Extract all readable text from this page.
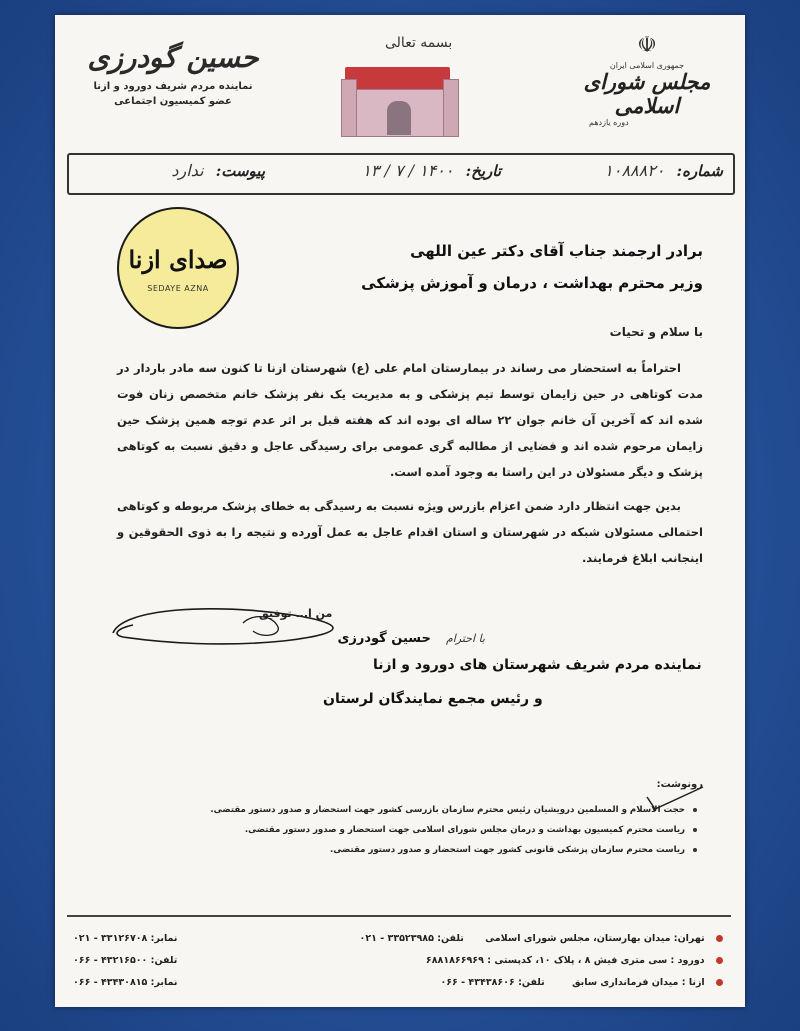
☫
جمهوری اسلامی ایران
مجلس شورای اسلامی
دوره یازدهم
بسمه تعالی
حسین گودرزی
نماینده مردم شریف دورود و ازنا
عضو کمیسیون اجتماعی
شماره: ۱۰۸۸۸۲۰
تاریخ: ۱۴۰۰ / ۷ / ۱۳
پیوست: ندارد
صدای ازنا
SEDAYE AZNA
برادر ارجمند جناب آقای دکتر عین اللهی
وزیر محترم بهداشت ، درمان و آموزش پزشکی
با سلام و تحیات

احتراماً به استحضار می رساند در بیمارستان امام علی (ع) شهرستان ازنا تا کنون سه مادر باردار در مدت کوتاهی در حین زایمان توسط تیم پزشکی و به مدیریت یک نفر پزشک خانم متخصص زنان فوت شده اند که آخرین آن خانم جوان ۲۲ ساله ای بوده اند که هفته قبل بر اثر عدم توجه همین پزشک حین زایمان مرحوم شده اند و فضایی از مطالبه گری عمومی برای رسیدگی عاجل و دقیق نسبت به کوتاهی پزشک و دیگر مسئولان در این راستا به وجود آمده است.

بدین جهت انتظار دارد ضمن اعزام بازرس ویژه نسبت به رسیدگی به خطای پزشک مربوطه و کوتاهی احتمالی مسئولان شبکه در شهرستان و استان اقدام عاجل به عمل آورده و نتیجه را به ذوی الحقوقین و اینجانب ابلاغ فرمایند.

من ا... توفیق
با احترام حسین گودرزی
نماینده مردم شریف شهرستان های دورود و ازنا
و رئیس مجمع نمایندگان لرستان
رونوشت:
حجت الاسلام و المسلمین درویشیان رئیس محترم سازمان بازرسی کشور جهت استحضار و صدور دستور مقتضی.
ریاست محترم کمیسیون بهداشت و درمان مجلس شورای اسلامی جهت استحضار و صدور دستور مقتضی.
ریاست محترم سازمان پزشکی قانونی کشور جهت استحضار و صدور دستور مقتضی.
تهران: میدان بهارستان، مجلس شورای اسلامی تلفن: ۳۳۵۲۳۹۸۵ - ۰۲۱
نمابر: ۳۳۱۲۶۷۰۸ - ۰۲۱
دورود : سی متری فیش ۸ ، پلاک ۱۰، کدپستی : ۶۸۸۱۸۶۶۹۶۹
تلفن: ۴۳۲۱۶۵۰۰ - ۰۶۶
ازنا : میدان فرمانداری سابق تلفن: ۴۳۴۳۸۶۰۶ - ۰۶۶
نمابر: ۴۳۴۳۰۸۱۵ - ۰۶۶
